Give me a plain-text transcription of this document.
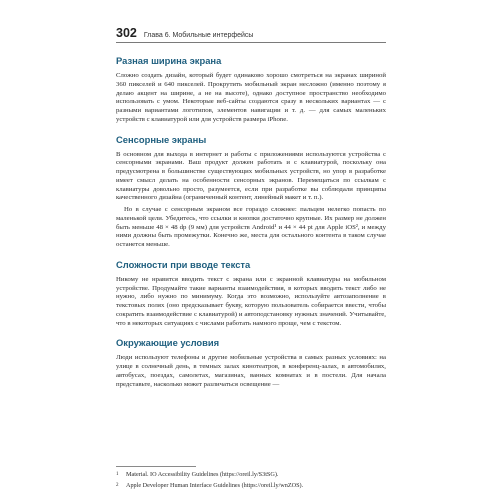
302 Глава 6. Мобильные интерфейсы
Разная ширина экрана

Сложно создать дизайн, который будет одинаково хорошо смотреться на экранах шириной 360 пикселей и 640 пикселей. Прокрутить мобильный экран несложно (именно поэтому я делаю акцент на ширине, а не на высоте), однако доступное пространство необходимо использовать с умом. Некоторые веб-сайты создаются сразу в нескольких вариантах — с разными вариантами логотипов, элементов навигации и т. д. — для самых маленьких устройств с клавиатурой или для устройств размера iPhone.

Сенсорные экраны

В основном для выхода в интернет и работы с приложениями используются устройства с сенсорными экранами. Ваш продукт должен работать и с клавиатурой, поскольку она предусмотрена в большинстве существующих мобильных устройств, но упор в разработке имеет смысл делать на особенности сенсорных экранов. Перемещаться по ссылкам с клавиатуры довольно просто, разумеется, если при разработке вы соблюдали принципы качественного дизайна (ограниченный контент, линейный макет и т. п.).

Но в случае с сенсорным экраном все гораздо сложнее: пальцем нелегко попасть по маленькой цели. Убедитесь, что ссылки и кнопки достаточно крупные. Их размер не должен быть меньше 48 × 48 dp (9 мм) для устройств Android¹ и 44 × 44 pt для Apple iOS², и между ними должны быть промежутки. Конечно же, места для остального контента в таком случае останется меньше.

Сложности при вводе текста

Никому не нравится вводить текст с экрана или с экранной клавиатуры на мобильном устройстве. Продумайте такие варианты взаимодействия, в которых вводить текст либо не нужно, либо нужно по минимуму. Когда это возможно, используйте автозаполнение в текстовых полях (оно предсказывает букву, которую пользователь собирается ввести, чтобы сократить взаимодействие с клавиатурой) и автоподстановку нужных значений. Учитывайте, что в некоторых ситуациях с числами работать намного проще, чем с текстом.

Окружающие условия

Люди используют телефоны и другие мобильные устройства в самых разных условиях: на улице в солнечный день, в темных залах кинотеатров, в конференц-залах, в автомобилях, автобусах, поездах, самолетах, магазинах, ванных комнатах и в постели. Для начала представьте, насколько может различаться освещение —

1	Material. IO Accessibility Guidelines (https://oreil.ly/S3tSG).
2	Apple Developer Human Interface Guidelines (https://oreil.ly/wnZOS).
